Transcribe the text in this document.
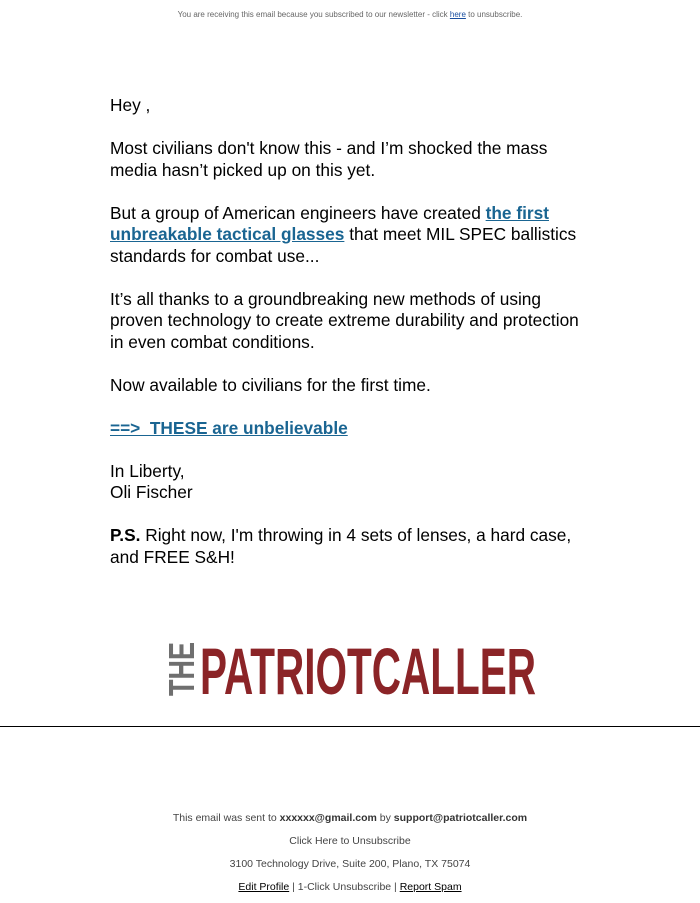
You are receiving this email because you subscribed to our newsletter - click here to unsubscribe.

Hey ,

Most civilians don't know this - and I’m shocked the mass media hasn’t picked up on this yet.

But a group of American engineers have created the first unbreakable tactical glasses that meet MIL SPEC ballistics standards for combat use...

It’s all thanks to a groundbreaking new methods of using proven technology to create extreme durability and protection in even combat conditions.

Now available to civilians for the first time.

==>  THESE are unbelievable

In Liberty,
Oli Fischer

P.S. Right now, I'm throwing in 4 sets of lenses, a hard case, and FREE S&H!

THE
PATRIOTCALLER
This email was sent to xxxxxx@gmail.com by support@patriotcaller.com
Click Here to Unsubscribe
3100 Technology Drive, Suite 200, Plano, TX 75074
Edit Profile | 1-Click Unsubscribe | Report Spam
